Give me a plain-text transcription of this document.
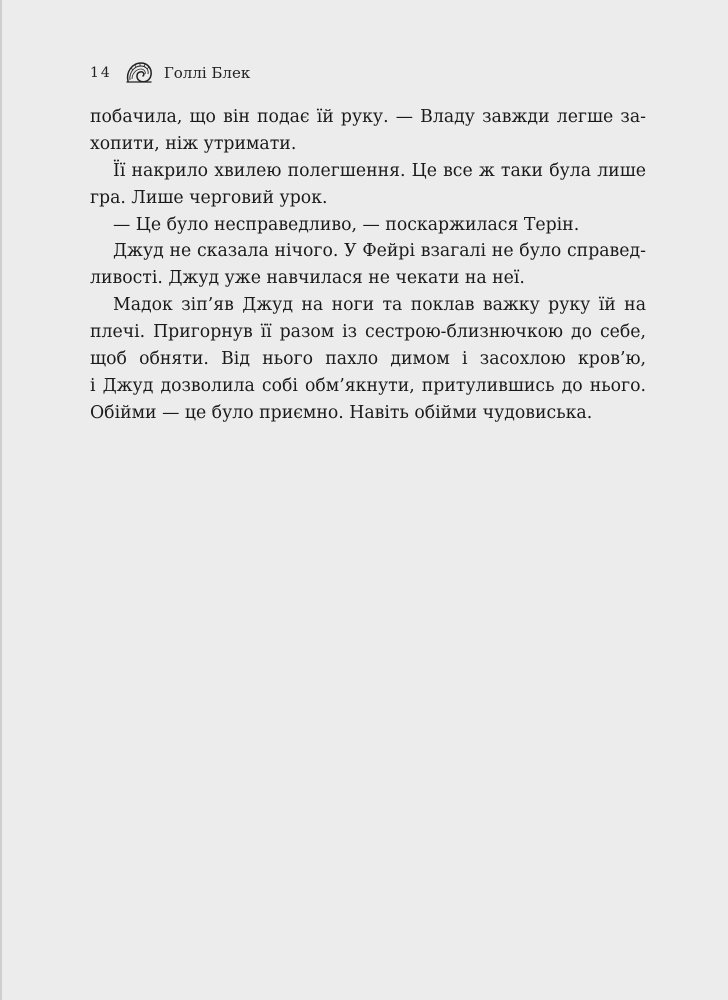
14	Голлі Блек
побачила, що він подає їй руку. — Владу завжди легше за-
хопити, ніж утримати.
Її накрило хвилею полегшення. Це все ж таки була лише
гра. Лише черговий урок.
— Це було несправедливо, — поскаржилася Терін.
Джуд не сказала нічого. У Фейрі взагалі не було справед-
ливості. Джуд уже навчилася не чекати на неї.
Мадок зіп’яв Джуд на ноги та поклав важку руку їй на
плечі. Пригорнув її разом із сестрою-близнючкою до себе,
щоб обняти. Від нього пахло димом і засохлою кров’ю,
і Джуд дозволила собі обм’якнути, притулившись до нього.
Обійми — це було приємно. Навіть обійми чудовиська.
